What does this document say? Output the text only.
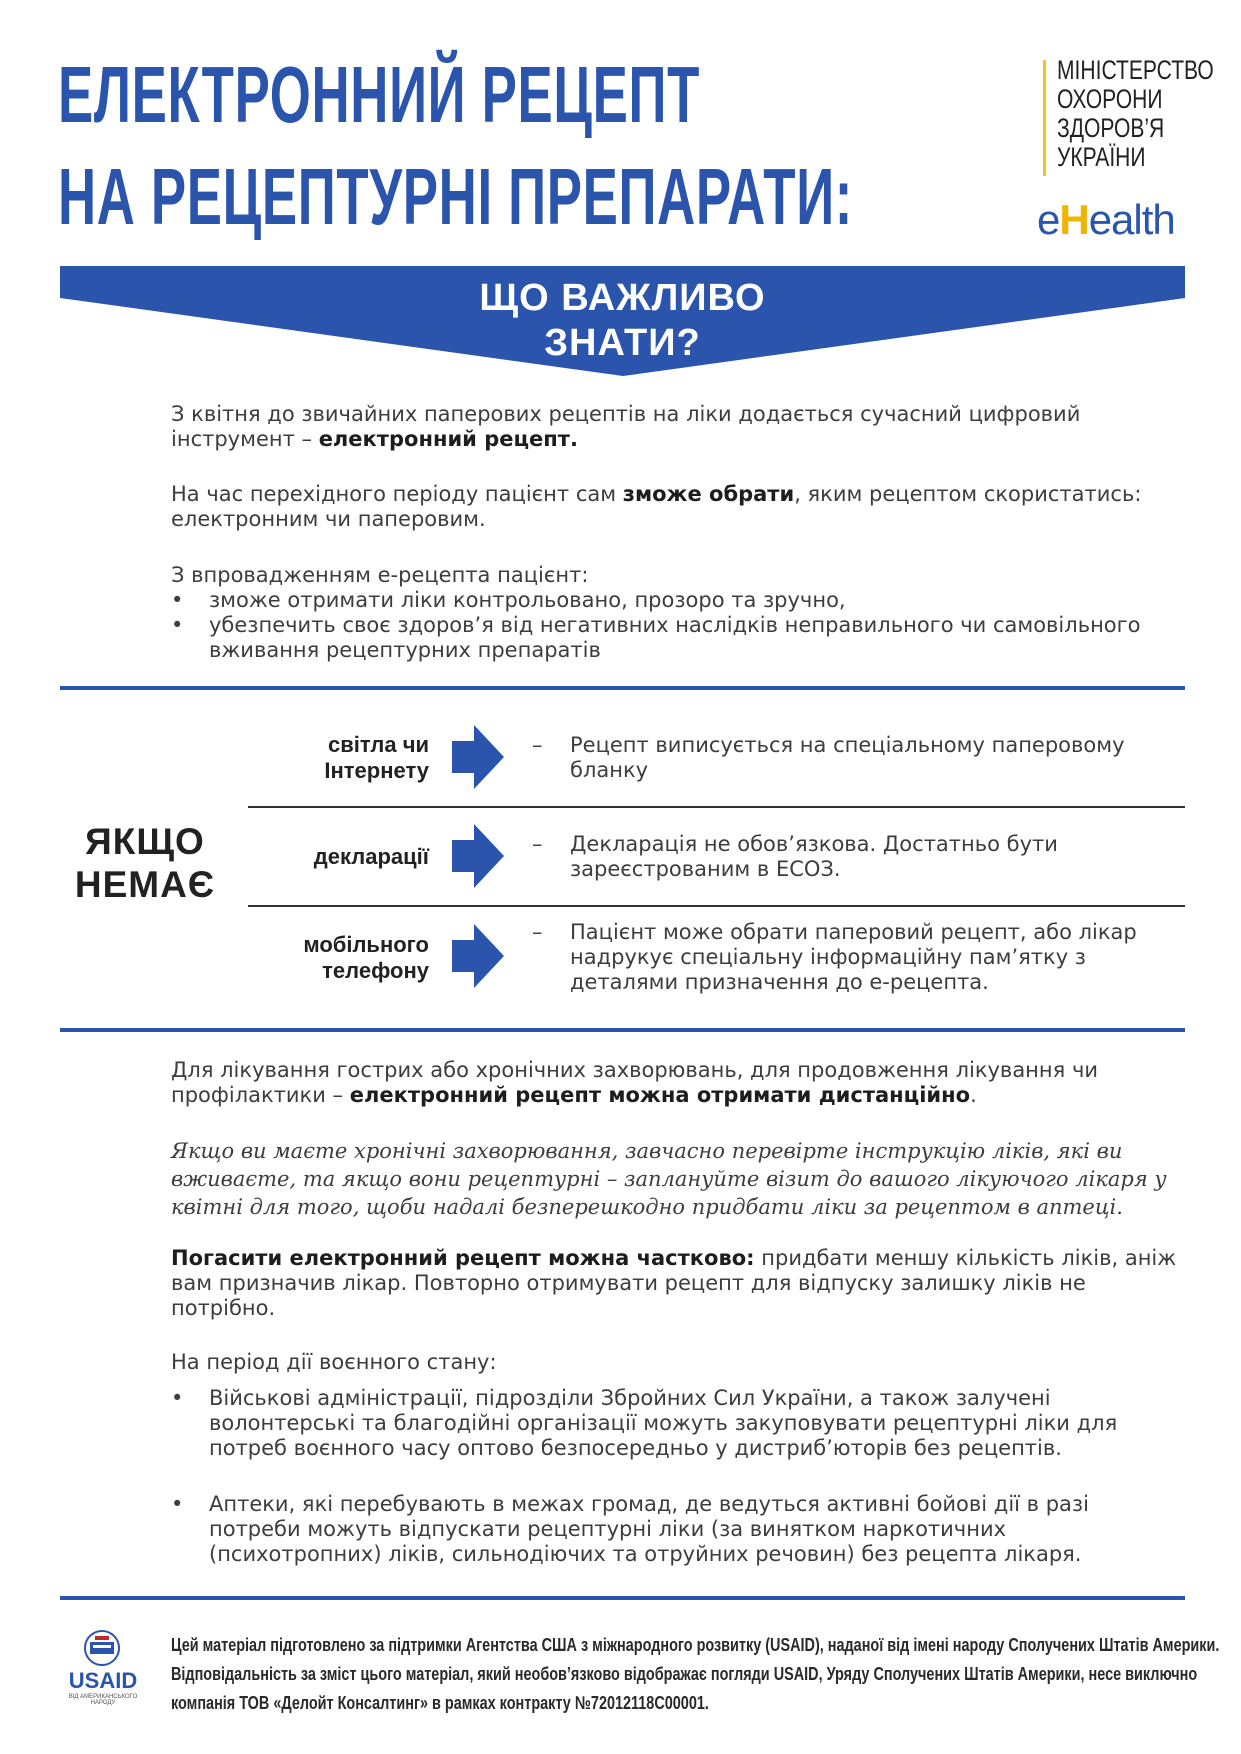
ЕЛЕКТРОННИЙ РЕЦЕПТ
НА РЕЦЕПТУРНІ ПРЕПАРАТИ:
МІНІСТЕРСТВО
ОХОРОНИ
ЗДОРОВ’Я
УКРАЇНИ
eHealth
ЩО ВАЖЛИВО
ЗНАТИ?
З квітня до звичайних паперових рецептів на ліки додається сучасний цифровий інструмент – електронний рецепт.
На час перехідного періоду пацієнт сам зможе обрати, яким рецептом скористатись: електронним чи паперовим.
З впровадженням е-рецепта пацієнт:
• зможе отримати ліки контрольовано, прозоро та зручно,
• убезпечить своє здоров’я від негативних наслідків неправильного чи самовільного вживання рецептурних препаратів
ЯКЩО
НЕМАЄ
світла чи Інтернету
– Рецепт виписується на спеціальному паперовому бланку
декларації	– Декларація не обов’язкова. Достатньо бути зареєстрованим в ЕСОЗ.
мобільного телефону
– Пацієнт може обрати паперовий рецепт, або лікар надрукує спеціальну інформаційну пам’ятку з деталями призначення до е-рецепта.
Для лікування гострих або хронічних захворювань, для продовження лікування чи профілактики – електронний рецепт можна отримати дистанційно.
Якщо ви маєте хронічні захворювання, завчасно перевірте інструкцію ліків, які ви вживаєте, та якщо вони рецептурні – заплануйте візит до вашого лікуючого лікаря у квітні для того, щоби надалі безперешкодно придбати ліки за рецептом в аптеці.
Погасити електронний рецепт можна частково: придбати меншу кількість ліків, аніж вам призначив лікар. Повторно отримувати рецепт для відпуску залишку ліків не потрібно.
На період дії воєнного стану:
• Військові адміністрації, підрозділи Збройних Сил України, а також залучені волонтерські та благодійні організації можуть закуповувати рецептурні ліки для потреб воєнного часу оптово безпосередньо у дистриб’юторів без рецептів.
• Аптеки, які перебувають в межах громад, де ведуться активні бойові дії в разі потреби можуть відпускати рецептурні ліки (за винятком наркотичних (психотропних) ліків, сильнодіючих та отруйних речовин) без рецепта лікаря.
USAID
ВІД АМЕРИКАНСЬКОГО НАРОДУ
Цей матеріал підготовлено за підтримки Агентства США з міжнародного розвитку (USAID), наданої від імені народу Сполучених Штатів Америки.
Відповідальність за зміст цього матеріал, який необов’язково відображає погляди USAID, Уряду Сполучених Штатів Америки, несе виключно
компанія ТОВ «Делойт Консалтинг» в рамках контракту №72012118С00001.
